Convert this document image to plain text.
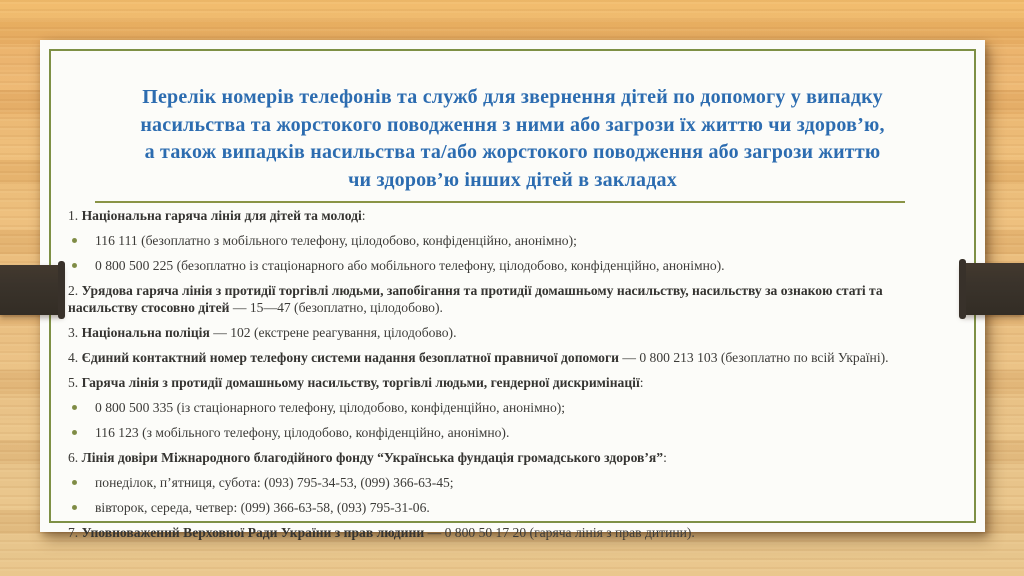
Перелік номерів телефонів та служб для звернення дітей по допомогу у випадку
насильства та жорстокого поводження з ними або загрози їх життю чи здоров’ю,
а також випадків насильства та/або жорстокого поводження або загрози життю
чи здоров’ю інших дітей в закладах
1. Національна гаряча лінія для дітей та молоді:
116 111 (безоплатно з мобільного телефону, цілодобово, конфіденційно, анонімно);
0 800 500 225 (безоплатно із стаціонарного або мобільного телефону, цілодобово, конфіденційно, анонімно).
2. Урядова гаряча лінія з протидії торгівлі людьми, запобігання та протидії домашньому насильству, насильству за ознакою статі та насильству стосовно дітей — 15—47 (безоплатно, цілодобово).
3. Національна поліція — 102 (екстрене реагування, цілодобово).
4. Єдиний контактний номер телефону системи надання безоплатної правничої допомоги — 0 800 213 103 (безоплатно по всій Україні).
5. Гаряча лінія з протидії домашньому насильству, торгівлі людьми, гендерної дискримінації:
0 800 500 335 (із стаціонарного телефону, цілодобово, конфіденційно, анонімно);
116 123 (з мобільного телефону, цілодобово, конфіденційно, анонімно).
6. Лінія довіри Міжнародного благодійного фонду “Українська фундація громадського здоров’я”:
понеділок, п’ятниця, субота: (093) 795-34-53, (099) 366-63-45;
вівторок, середа, четвер: (099) 366-63-58, (093) 795-31-06.
7. Уповноважений Верховної Ради України з прав людини — 0 800 50 17 20 (гаряча лінія з прав дитини).
